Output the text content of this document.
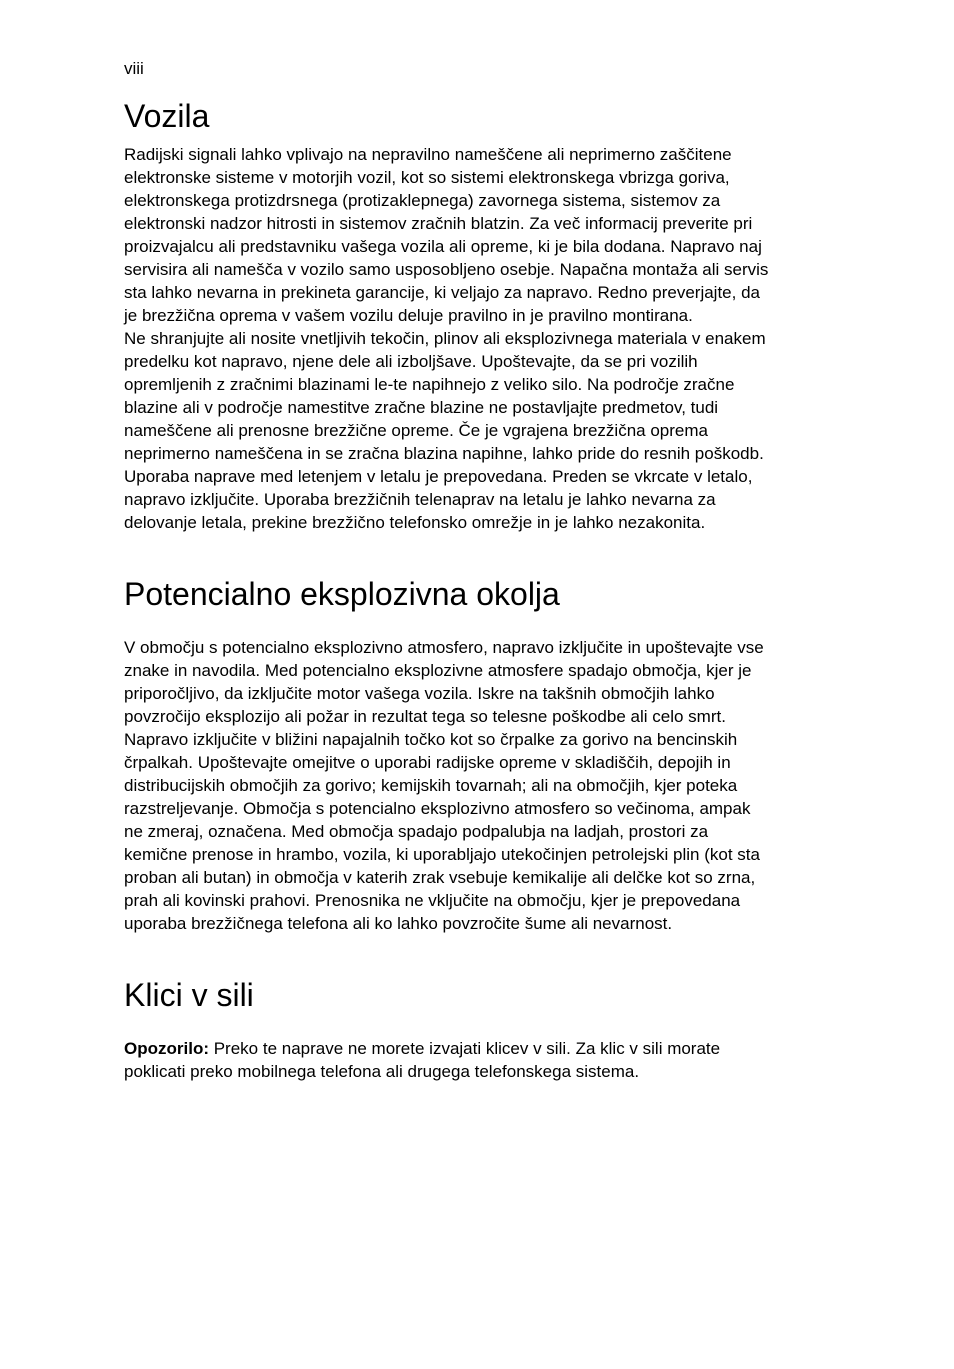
viii
Vozila

Radijski signali lahko vplivajo na nepravilno nameščene ali neprimerno zaščitene
elektronske sisteme v motorjih vozil, kot so sistemi elektronskega vbrizga goriva,
elektronskega protizdrsnega (protizaklepnega) zavornega sistema, sistemov za
elektronski nadzor hitrosti in sistemov zračnih blatzin. Za več informacij preverite pri
proizvajalcu ali predstavniku vašega vozila ali opreme, ki je bila dodana. Napravo naj
servisira ali namešča v vozilo samo usposobljeno osebje. Napačna montaža ali servis
sta lahko nevarna in prekineta garancije, ki veljajo za napravo. Redno preverjajte, da
je brezžična oprema v vašem vozilu deluje pravilno in je pravilno montirana.
Ne shranjujte ali nosite vnetljivih tekočin, plinov ali eksplozivnega materiala v enakem
predelku kot napravo, njene dele ali izboljšave. Upoštevajte, da se pri vozilih
opremljenih z zračnimi blazinami le-te napihnejo z veliko silo. Na področje zračne
blazine ali v področje namestitve zračne blazine ne postavljajte predmetov, tudi
nameščene ali prenosne brezžične opreme. Če je vgrajena brezžična oprema
neprimerno nameščena in se zračna blazina napihne, lahko pride do resnih poškodb.
Uporaba naprave med letenjem v letalu je prepovedana. Preden se vkrcate v letalo,
napravo izključite. Uporaba brezžičnih telenaprav na letalu je lahko nevarna za
delovanje letala, prekine brezžično telefonsko omrežje in je lahko nezakonita.

Potencialno eksplozivna okolja

V območju s potencialno eksplozivno atmosfero, napravo izključite in upoštevajte vse
znake in navodila. Med potencialno eksplozivne atmosfere spadajo območja, kjer je
priporočljivo, da izključite motor vašega vozila. Iskre na takšnih območjih lahko
povzročijo eksplozijo ali požar in rezultat tega so telesne poškodbe ali celo smrt.
Napravo izključite v bližini napajalnih točko kot so črpalke za gorivo na bencinskih
črpalkah. Upoštevajte omejitve o uporabi radijske opreme v skladiščih, depojih in
distribucijskih območjih za gorivo; kemijskih tovarnah; ali na območjih, kjer poteka
razstreljevanje. Območja s potencialno eksplozivno atmosfero so večinoma, ampak
ne zmeraj, označena. Med območja spadajo podpalubja na ladjah, prostori za
kemične prenose in hrambo, vozila, ki uporabljajo utekočinjen petrolejski plin (kot sta
proban ali butan) in območja v katerih zrak vsebuje kemikalije ali delčke kot so zrna,
prah ali kovinski prahovi. Prenosnika ne vključite na območju, kjer je prepovedana
uporaba brezžičnega telefona ali ko lahko povzročite šume ali nevarnost.

Klici v sili

Opozorilo: Preko te naprave ne morete izvajati klicev v sili. Za klic v sili morate
poklicati preko mobilnega telefona ali drugega telefonskega sistema.
